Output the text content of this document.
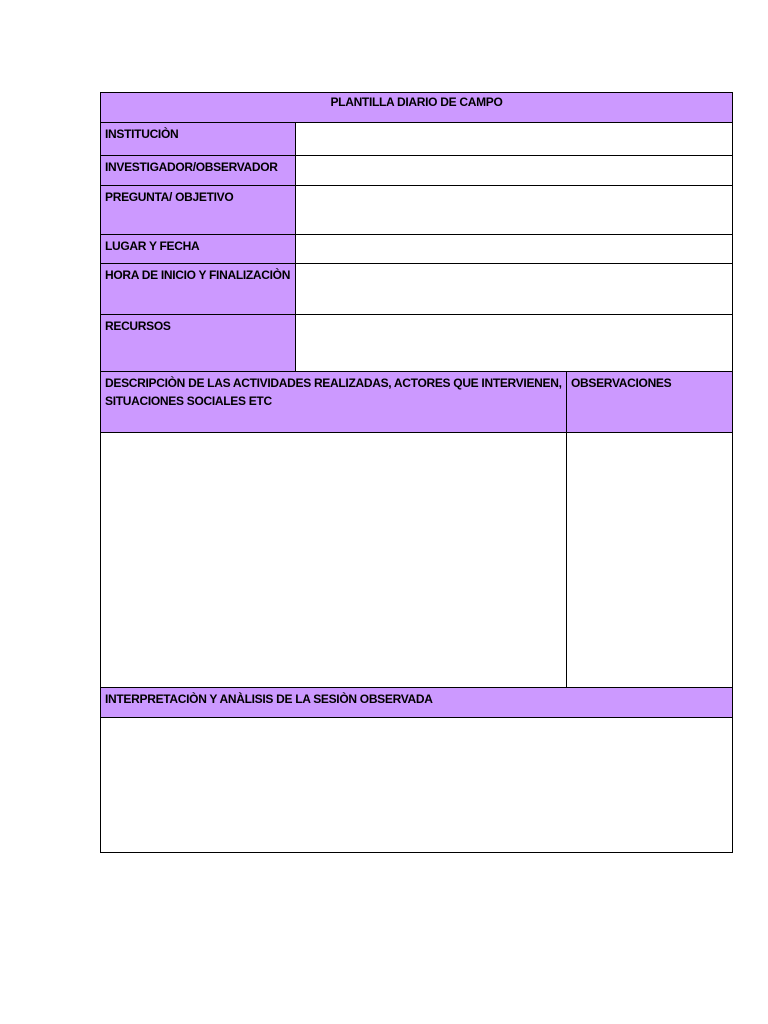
PLANTILLA DIARIO DE CAMPO
INSTITUCIÒN
INVESTIGADOR/OBSERVADOR
PREGUNTA/ OBJETIVO
LUGAR Y FECHA
HORA DE INICIO Y FINALIZACIÒN
RECURSOS
DESCRIPCIÒN DE LAS ACTIVIDADES REALIZADAS, ACTORES QUE INTERVIENEN, SITUACIONES SOCIALES ETC
OBSERVACIONES
INTERPRETACIÒN Y ANÀLISIS DE LA SESIÒN OBSERVADA
